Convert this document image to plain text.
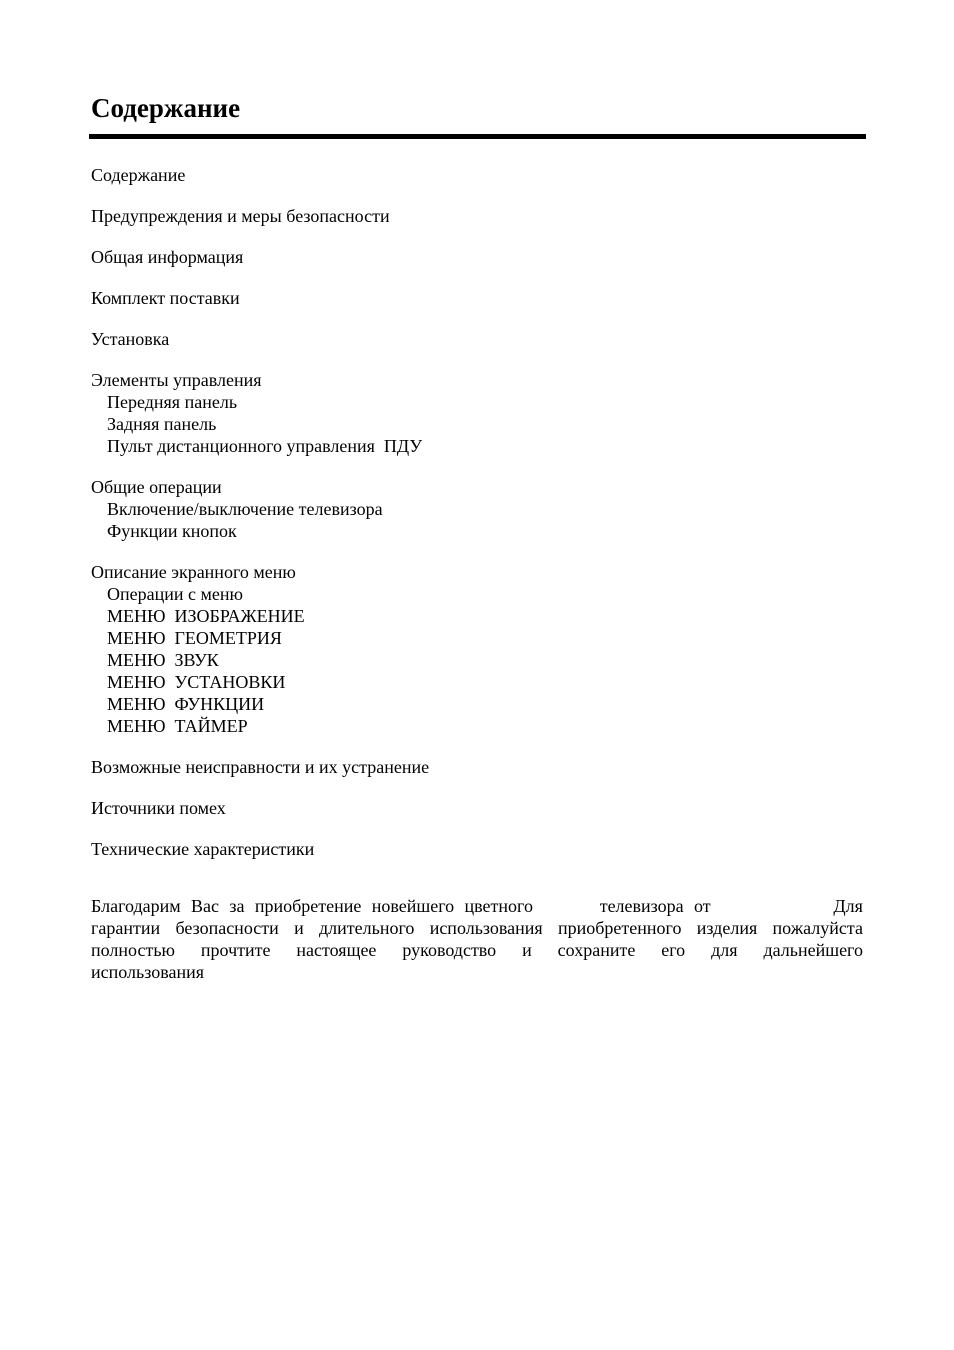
Содержание
Содержание
Предупреждения и меры безопасности
Общая информация
Комплект поставки
Установка
Элементы управления
Передняя панель
Задняя панель
Пульт дистанционного управления  ПДУ
Общие операции
Включение/выключение телевизора
Функции кнопок
Описание экранного меню
Операции с меню
МЕНЮ  ИЗОБРАЖЕНИЕ
МЕНЮ  ГЕОМЕТРИЯ
МЕНЮ  ЗВУК
МЕНЮ  УСТАНОВКИ
МЕНЮ  ФУНКЦИИ
МЕНЮ  ТАЙМЕР
Возможные неисправности и их устранение
Источники помех
Технические характеристики
Благодарим Вас за приобретение новейшего цветного	телевизора от	Для
гарантии безопасности и длительного использования приобретенного изделия пожалуйста
полностью прочтите настоящее руководство и сохраните его для дальнейшего
использования
